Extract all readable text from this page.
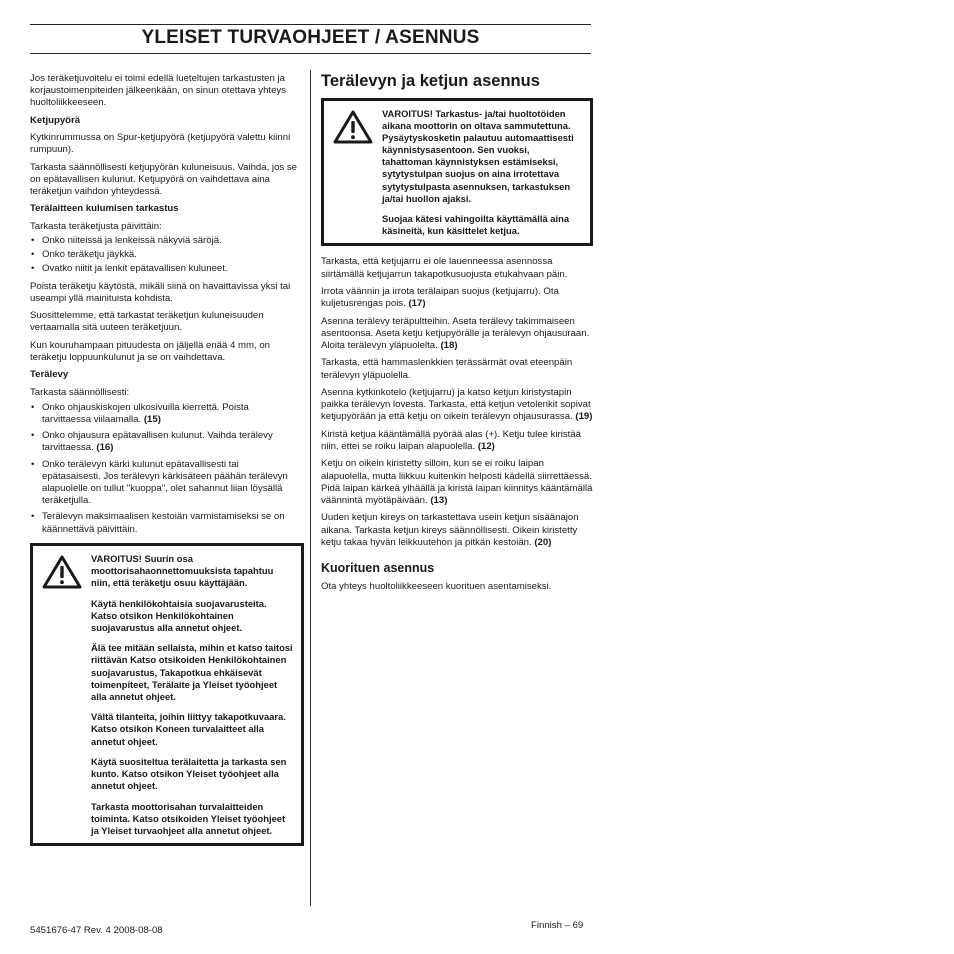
YLEISET TURVAOHJEET / ASENNUS

Jos teräketjuvoitelu ei toimi edellä lueteltujen tarkastusten ja korjaustoimenpiteiden jälkeenkään, on sinun otettava yhteys huoltoliikkeeseen.

Ketjupyörä

Kytkinrummussa on Spur-ketjupyörä (ketjupyörä valettu kiinni rumpuun).

Tarkasta säännöllisesti ketjupyörän kuluneisuus. Vaihda, jos se on epätavallisen kulunut. Ketjupyörä on vaihdettava aina teräketjun vaihdon yhteydessä.

Terälaitteen kulumisen tarkastus

Tarkasta teräketjusta päivittäin:

• Onko niiteissä ja lenkeissä näkyviä säröjä.
• Onko teräketju jäykkä.
• Ovatko niitit ja lenkit epätavallisen kuluneet.

Poista teräketju käytöstä, mikäli siinä on havaittavissa yksi tai useampi yllä mainituista kohdista.

Suosittelemme, että tarkastat teräketjun kuluneisuuden vertaamalla sitä uuteen teräketjuun.

Kun kouruhampaan pituudesta on jäljellä enää 4 mm, on teräketju loppuunkulunut ja se on vaihdettava.

Terälevy

Tarkasta säännöllisesti:

• Onko ohjauskiskojen ulkosivuilla kierrettä. Poista tarvittaessa viilaamalla. (15)
• Onko ohjausura epätavallisen kulunut. Vaihda terälevy tarvittaessa. (16)
• Onko terälevyn kärki kulunut epätavallisesti tai epätasaisesti. Jos terälevyn kärkisäteen päähän terälevyn alapuolelle on tullut "kuoppa", olet sahannut liian löysällä teräketjulla.
• Terälevyn maksimaalisen kestoiän varmistamiseksi se on käännettävä päivittäin.

VAROITUS! Suurin osa moottorisahaonnettomuuksista tapahtuu niin, että teräketju osuu käyttäjään.

Käytä henkilökohtaisia suojavarusteita. Katso otsikon Henkilökohtainen suojavarustus alla annetut ohjeet.

Älä tee mitään sellaista, mihin et katso taitosi riittävän Katso otsikoiden Henkilökohtainen suojavarustus, Takapotkua ehkäisevät toimenpiteet, Terälaite ja Yleiset työohjeet alla annetut ohjeet.

Vältä tilanteita, joihin liittyy takapotkuvaara. Katso otsikon Koneen turvalaitteet alla annetut ohjeet.

Käytä suositeltua terälaitetta ja tarkasta sen kunto. Katso otsikon Yleiset työohjeet alla annetut ohjeet.

Tarkasta moottorisahan turvalaitteiden toiminta. Katso otsikoiden Yleiset työohjeet ja Yleiset turvaohjeet alla annetut ohjeet.

Terälevyn ja ketjun asennus

VAROITUS! Tarkastus- ja/tai huoltotöiden aikana moottorin on oltava sammutettuna. Pysäytyskosketin palautuu automaattisesti käynnistysasentoon. Sen vuoksi, tahattoman käynnistyksen estämiseksi, sytytystulpan suojus on aina irrotettava sytytystulpasta asennuksen, tarkastuksen ja/tai huollon ajaksi.

Suojaa kätesi vahingoilta käyttämällä aina käsineitä, kun käsittelet ketjua.

Tarkasta, että ketjujarru ei ole lauenneessa asennossa siirtämällä ketjujarrun takapotkusuojusta etukahvaan päin.

Irrota väännin ja irrota terälaipan suojus (ketjujarru). Ota kuljetusrengas pois. (17)

Asenna terälevy teräpultteihin. Aseta terälevy takimmaiseen asentoonsa. Aseta ketju ketjupyörälle ja terälevyn ohjausuraan. Aloita terälevyn yläpuolelta. (18)

Tarkasta, että hammaslenkkien terässärmät ovat eteenpäin terälevyn yläpuolella.

Asenna kytkinkotelo (ketjujarru) ja katso ketjun kiristystapin paikka terälevyn lovesta. Tarkasta, että ketjun vetolenkit sopivat ketjupyörään ja että ketju on oikein terälevyn ohjausurassa. (19)

Kiristä ketjua kääntämällä pyörää alas (+). Ketju tulee kiristää niin, ettei se roiku laipan alapuolella. (12)

Ketju on oikein kiristetty silloin, kun se ei roiku laipan alapuolella, mutta liikkuu kuitenkin helposti kädellä siirrettäessä. Pidä laipan kärkeä ylhäällä ja kiristä laipan kiinnitys kääntämällä väännintä myötäpäivään. (13)

Uuden ketjun kireys on tarkastettava usein ketjun sisäänajon aikana. Tarkasta ketjun kireys säännöllisesti. Oikein kiristetty ketju takaa hyvän leikkuutehon ja pitkän kestoiän. (20)

Kuorituen asennus

Ota yhteys huoltoliikkeeseen kuorituen asentamiseksi.

5451676-47 Rev. 4 2008-08-08	Finnish – 69
